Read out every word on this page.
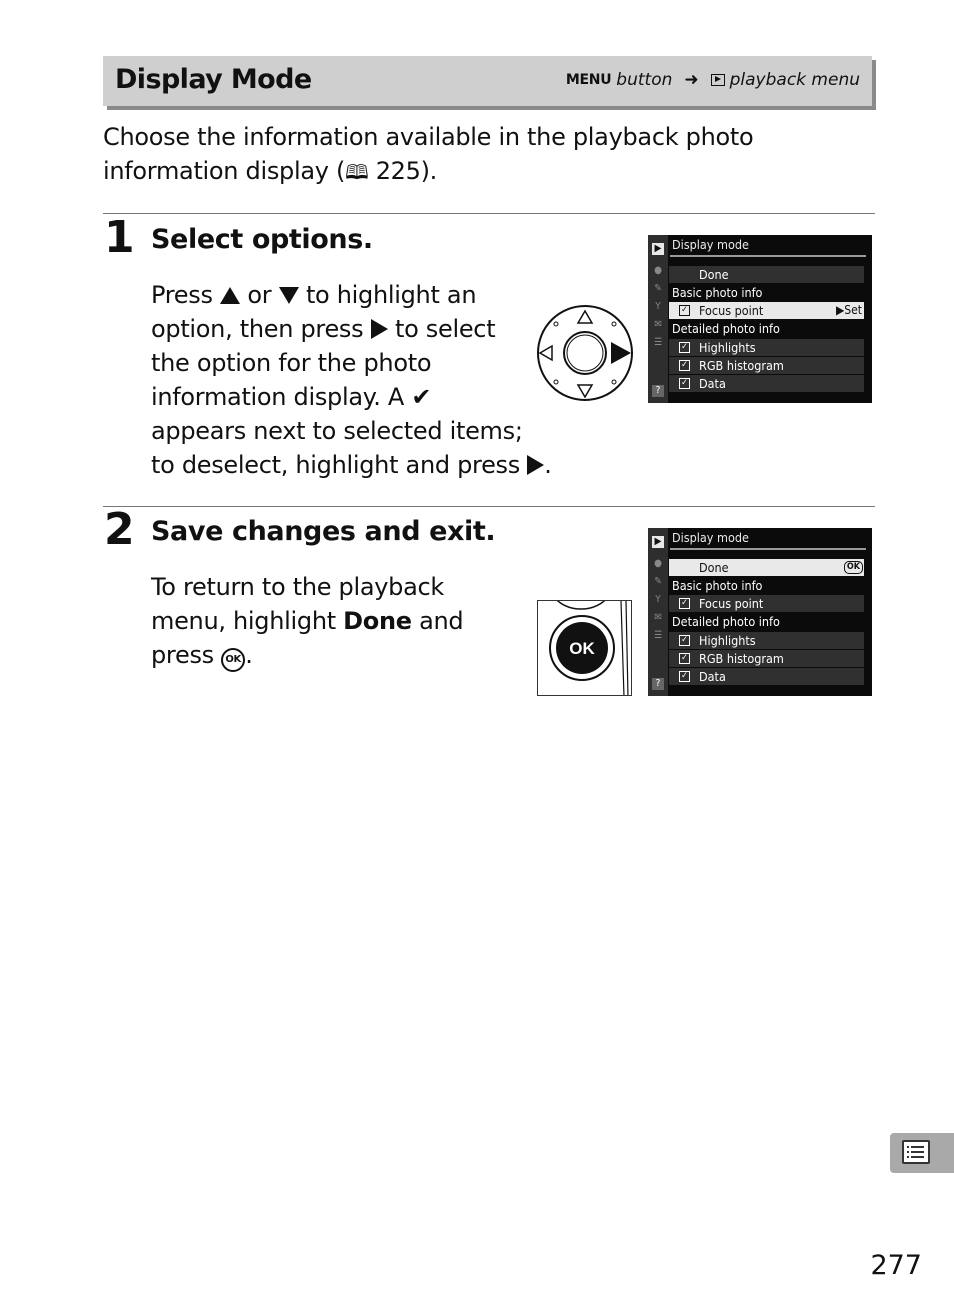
Display Mode	MENU button ➜ playback menu
Choose the information available in the playback photo information display (🕮 225).
1 Select options.
Press  or  to highlight an
option, then press  to select
the option for the photo
information display. A ✔
appears next to selected items;
to deselect, highlight and press .
▶
●
✎
Y
✉
☰
?
Display mode
Done
Basic photo info
✓ Focus point	▶Set
Detailed photo info
✓ Highlights
✓ RGB histogram
✓ Data
2 Save changes and exit.
To return to the playback
menu, highlight Done and
press OK .	OK
▶
●
✎
Y
✉
☰
?
Display mode
Done	OK
Basic photo info
✓ Focus point
Detailed photo info
✓ Highlights
✓ RGB histogram
✓ Data
277
